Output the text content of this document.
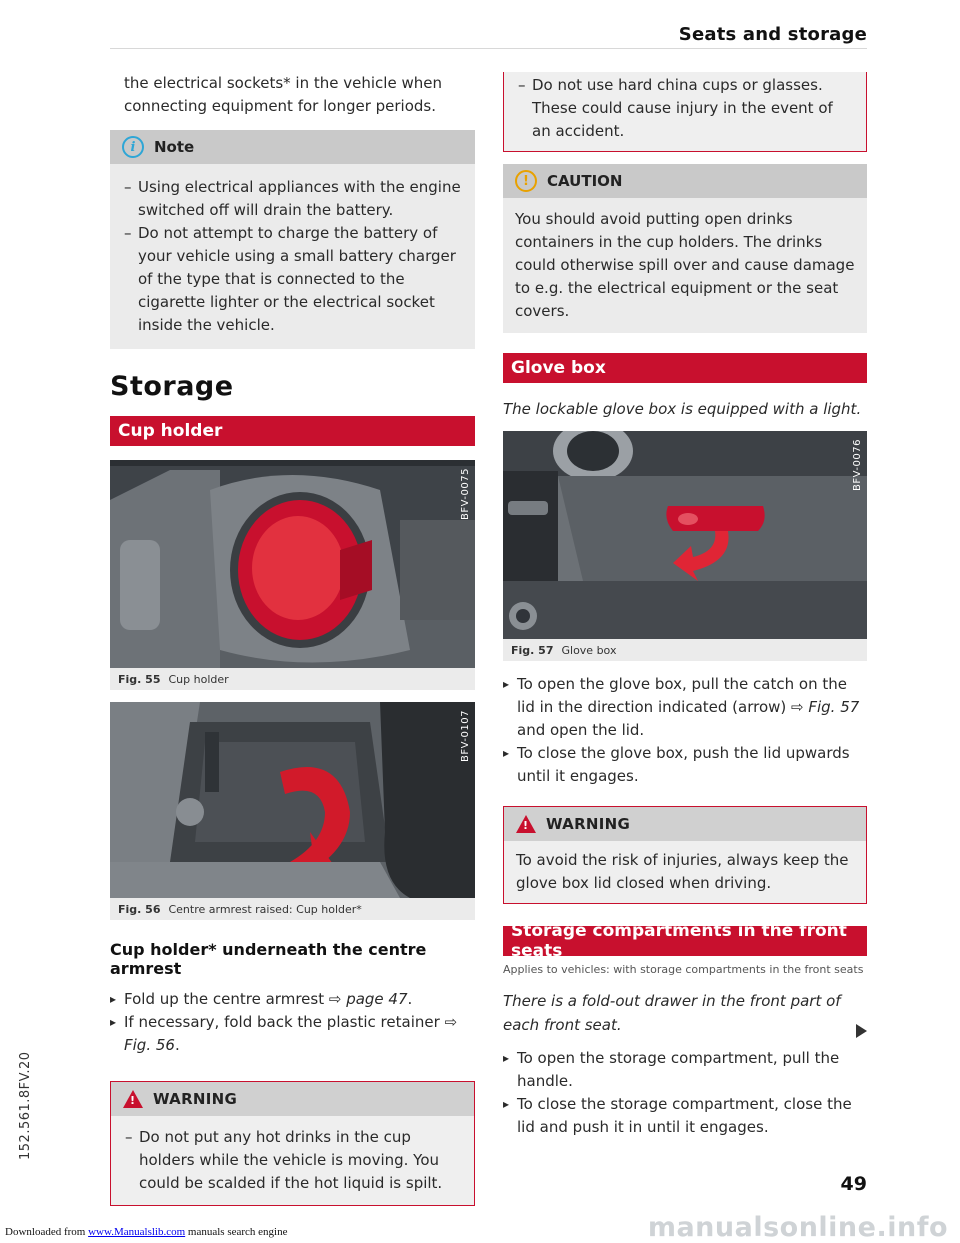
Seats and storage
152.561.8FV.20

the electrical sockets* in the vehicle when connecting equipment for longer periods.

i	Note

– Using electrical appliances with the engine switched off will drain the battery.

– Do not attempt to charge the battery of your vehicle using a small battery charger of the type that is connected to the cigarette lighter or the electrical socket inside the vehicle.

Storage
Cup holder
BFV-0075
Fig. 55 Cup holder
BFV-0107
Fig. 56 Centre armrest raised: Cup holder*
Cup holder* underneath the centre armrest

▸ Fold up the centre armrest ⇨ page 47.

▸ If necessary, fold back the plastic retainer ⇨ Fig. 56.

! WARNING

– Do not put any hot drinks in the cup holders while the vehicle is moving. You could be scalded if the hot liquid is spilt.

– Do not use hard china cups or glasses. These could cause injury in the event of an accident.

!	CAUTION

You should avoid putting open drinks containers in the cup holders. The drinks could otherwise spill over and cause damage to e.g. the electrical equipment or the seat covers.

Glove box
The lockable glove box is equipped with a light.
BFV-0076
Fig. 57 Glove box

▸ To open the glove box, pull the catch on the lid in the direction indicated (arrow) ⇨ Fig. 57 and open the lid.

▸ To close the glove box, push the lid upwards until it engages.

! WARNING

To avoid the risk of injuries, always keep the glove box lid closed when driving.

Storage compartments in the front seats
Applies to vehicles: with storage compartments in the front seats
There is a fold-out drawer in the front part of each front seat.

▸ To open the storage compartment, pull the handle.

▸ To close the storage compartment, close the lid and push it in until it engages.

49
manualsonline.info
Downloaded from www.Manualslib.com manuals search engine
